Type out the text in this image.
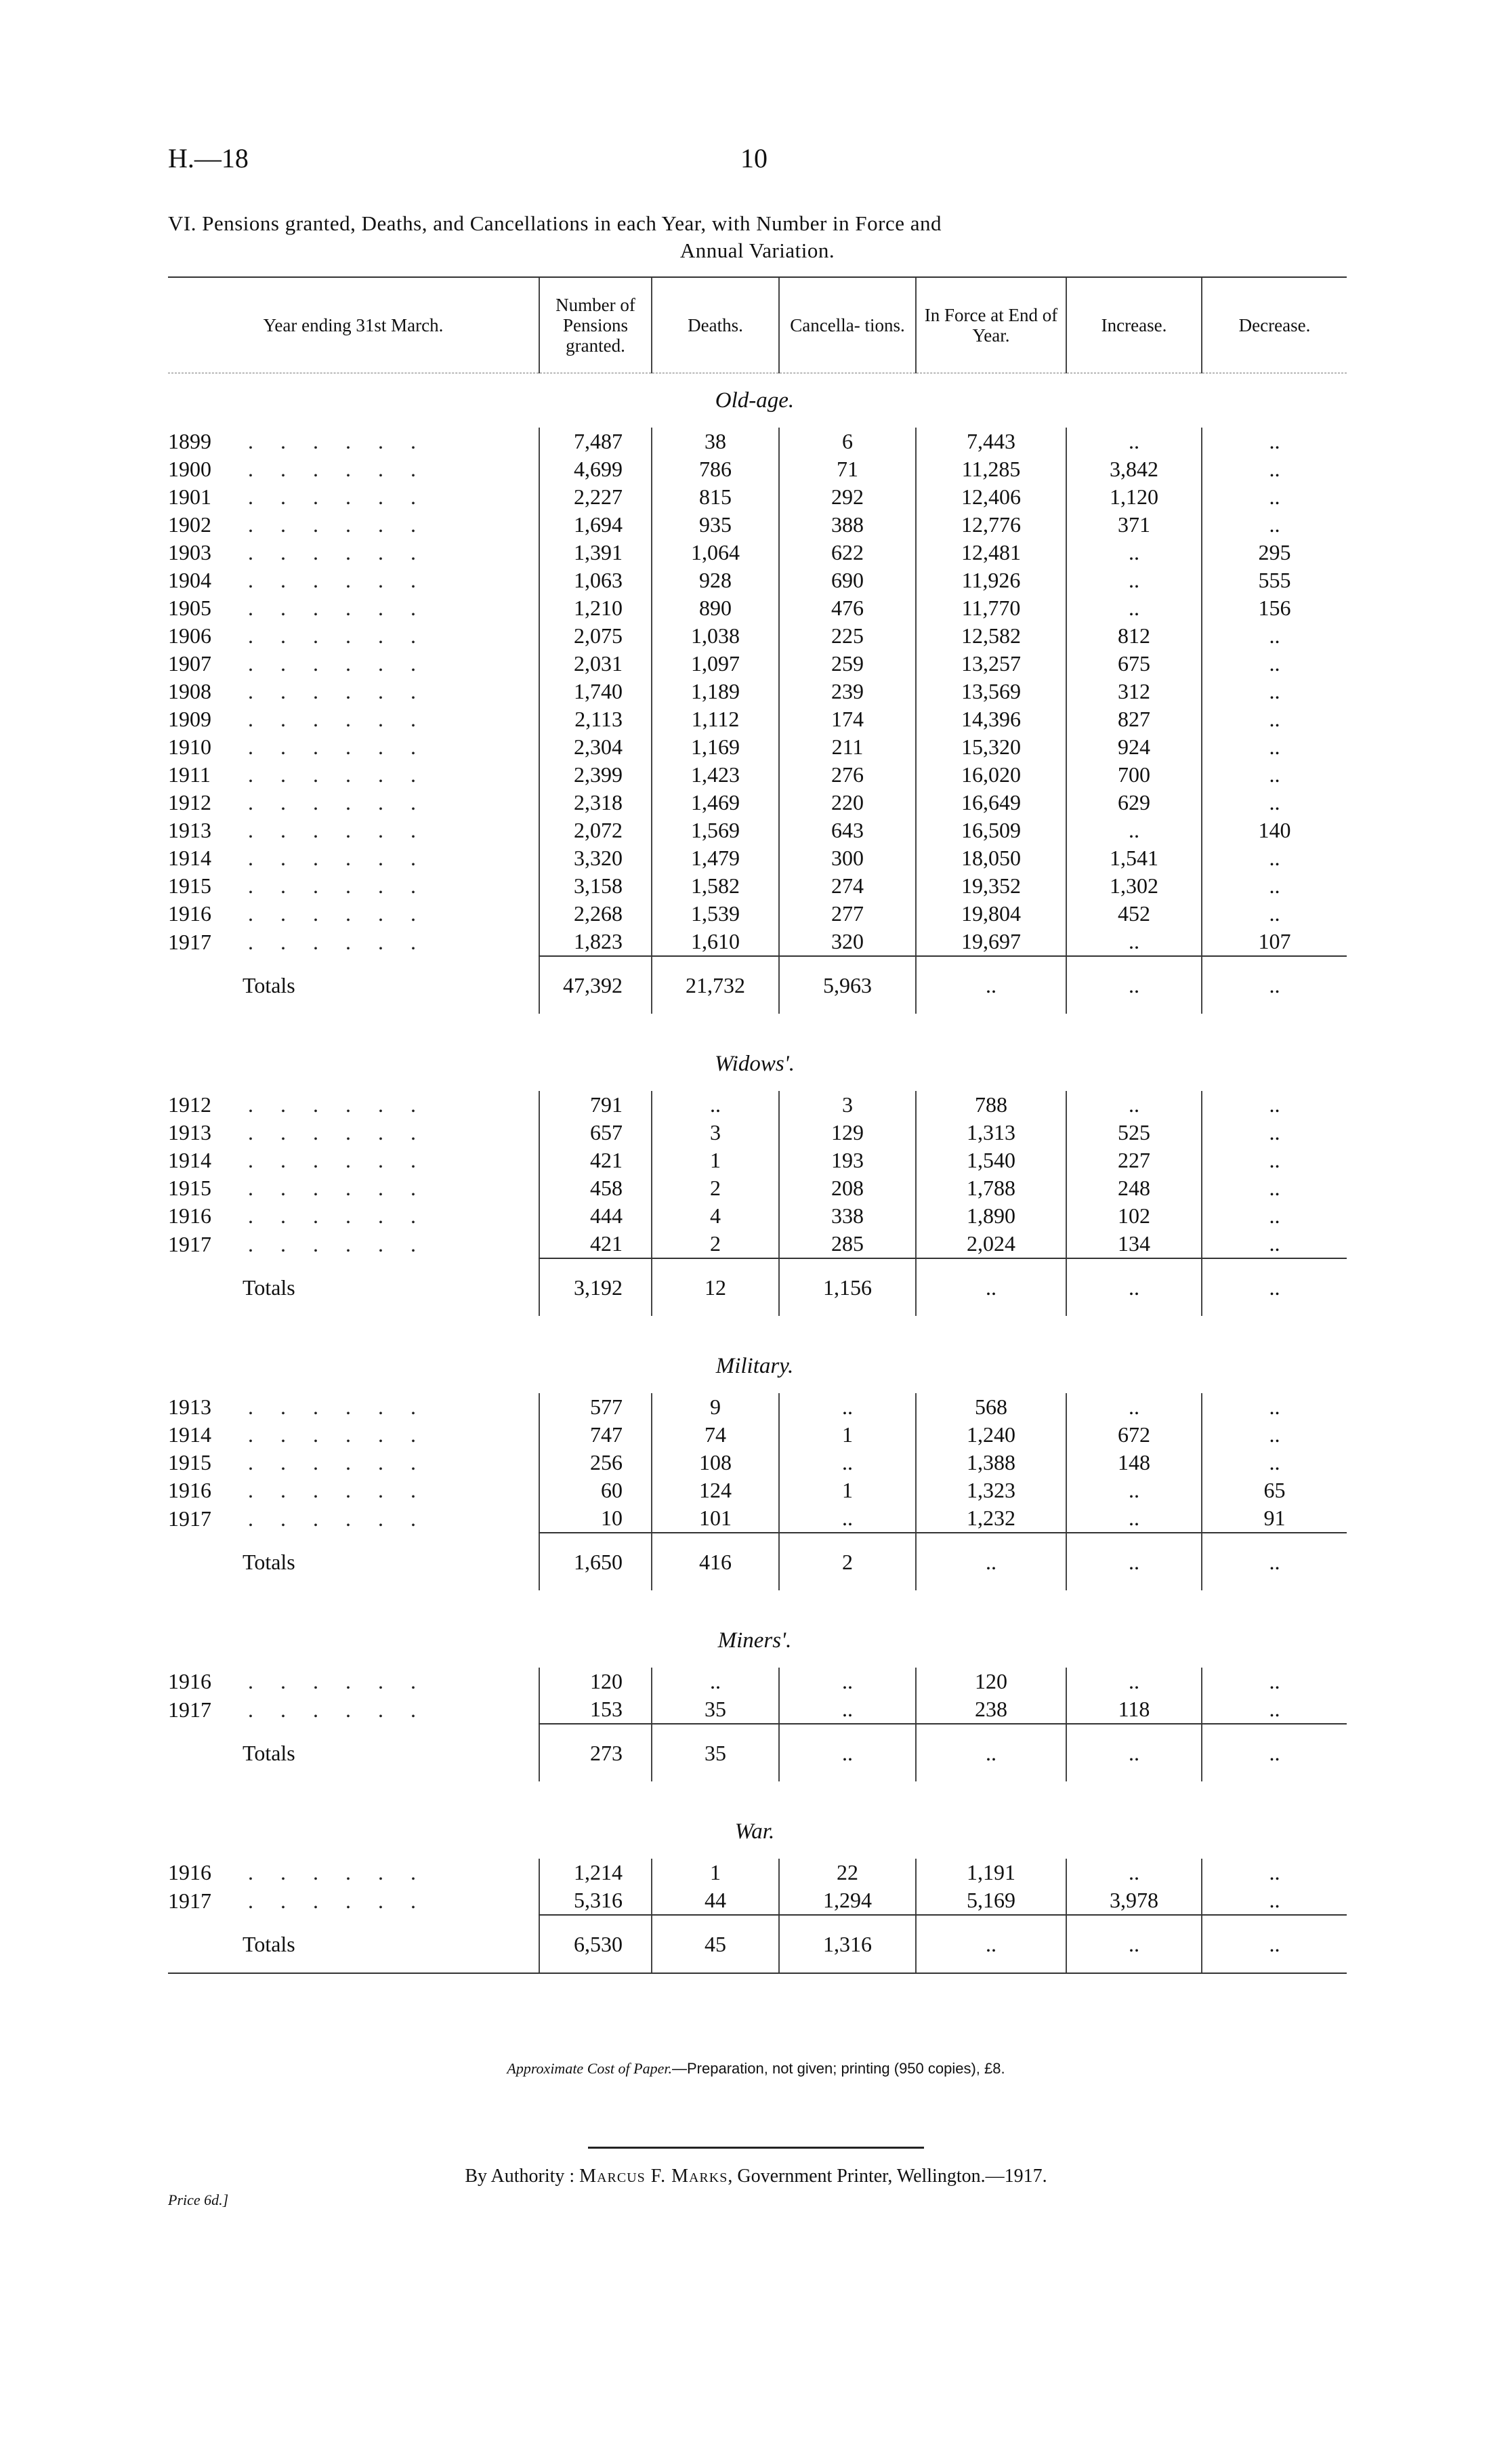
H.—18	10
VI. Pensions granted, Deaths, and Cancellations in each Year, with Number in Force and
Annual Variation.
Year ending 31st March.	Number of Pensions granted.	Deaths.	Cancella- tions.	In Force at End of Year.	Increase.	Decrease.
Old-age.						
1899 . . . . . .	7,487	38	6	7,443	..	..
1900 . . . . . .	4,699	786	71	11,285	3,842	..
1901 . . . . . .	2,227	815	292	12,406	1,120	..
1902 . . . . . .	1,694	935	388	12,776	371	..
1903 . . . . . .	1,391	1,064	622	12,481	..	295
1904 . . . . . .	1,063	928	690	11,926	..	555
1905 . . . . . .	1,210	890	476	11,770	..	156
1906 . . . . . .	2,075	1,038	225	12,582	812	..
1907 . . . . . .	2,031	1,097	259	13,257	675	..
1908 . . . . . .	1,740	1,189	239	13,569	312	..
1909 . . . . . .	2,113	1,112	174	14,396	827	..
1910 . . . . . .	2,304	1,169	211	15,320	924	..
1911 . . . . . .	2,399	1,423	276	16,020	700	..
1912 . . . . . .	2,318	1,469	220	16,649	629	..
1913 . . . . . .	2,072	1,569	643	16,509	..	140
1914 . . . . . .	3,320	1,479	300	18,050	1,541	..
1915 . . . . . .	3,158	1,582	274	19,352	1,302	..
1916 . . . . . .	2,268	1,539	277	19,804	452	..
1917 . . . . . .	1,823	1,610	320	19,697	..	107
Totals	47,392	21,732	5,963	..	..	..

Widows'.						
1912 . . . . . .	791	..	3	788	..	..
1913 . . . . . .	657	3	129	1,313	525	..
1914 . . . . . .	421	1	193	1,540	227	..
1915 . . . . . .	458	2	208	1,788	248	..
1916 . . . . . .	444	4	338	1,890	102	..
1917 . . . . . .	421	2	285	2,024	134	..
Totals	3,192	12	1,156	..	..	..

Military.						
1913 . . . . . .	577	9	..	568	..	..
1914 . . . . . .	747	74	1	1,240	672	..
1915 . . . . . .	256	108	..	1,388	148	..
1916 . . . . . .	60	124	1	1,323	..	65
1917 . . . . . .	10	101	..	1,232	..	91
Totals	1,650	416	2	..	..	..

Miners'.						
1916 . . . . . .	120	..	..	120	..	..
1917 . . . . . .	153	35	..	238	118	..
Totals	273	35	..	..	..	..

War.						
1916 . . . . . .	1,214	1	22	1,191	..	..
1917 . . . . . .	5,316	44	1,294	5,169	3,978	..
Totals	6,530	45	1,316	..	..	..
Approximate Cost of Paper.—Preparation, not given; printing (950 copies), £8.
By Authority : Marcus F. Marks, Government Printer, Wellington.—1917.
Price 6d.]
